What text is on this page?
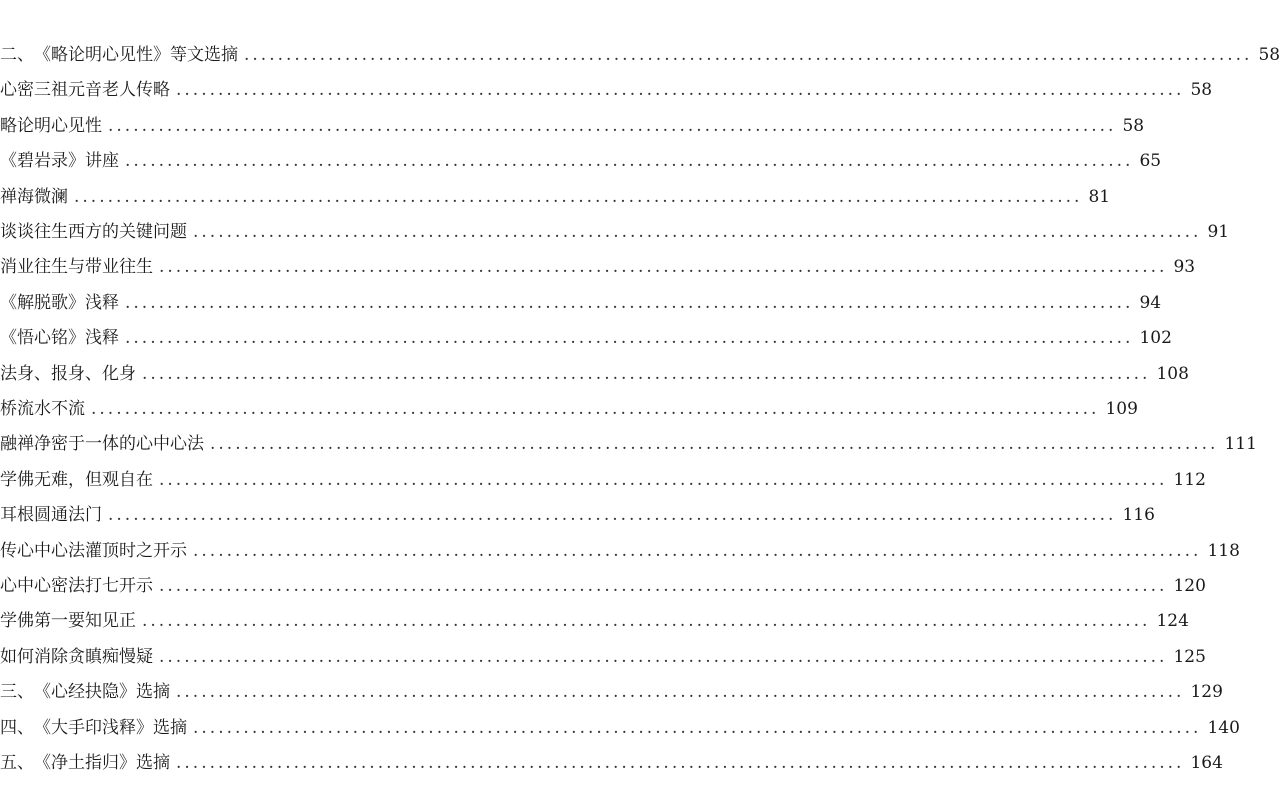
二、 《略论明心见性》等文选摘 ........................................................................................................................ 58
心密三祖元音老人传略 ........................................................................................................................ 58
略论明心见性 ........................................................................................................................ 58
《碧岩录》讲座 ........................................................................................................................ 65
禅海微澜 ........................................................................................................................ 81
谈谈往生西方的关键问题 ........................................................................................................................ 91
消业往生与带业往生 ........................................................................................................................ 93
《解脱歌》浅释 ........................................................................................................................ 94
《悟心铭》浅释 ........................................................................................................................ 102
法身、报身、化身 ........................................................................................................................ 108
桥流水不流 ........................................................................................................................ 109
融禅净密于一体的心中心法 ........................................................................................................................ 111
学佛无难，但观自在 ........................................................................................................................ 112
耳根圆通法门 ........................................................................................................................ 116
传心中心法灌顶时之开示 ........................................................................................................................ 118
心中心密法打七开示 ........................................................................................................................ 120
学佛第一要知见正 ........................................................................................................................ 124
如何消除贪瞋痴慢疑 ........................................................................................................................ 125
三、 《心经抉隐》选摘 ........................................................................................................................ 129
四、 《大手印浅释》选摘 ........................................................................................................................ 140
五、 《净土指归》选摘 ........................................................................................................................ 164
